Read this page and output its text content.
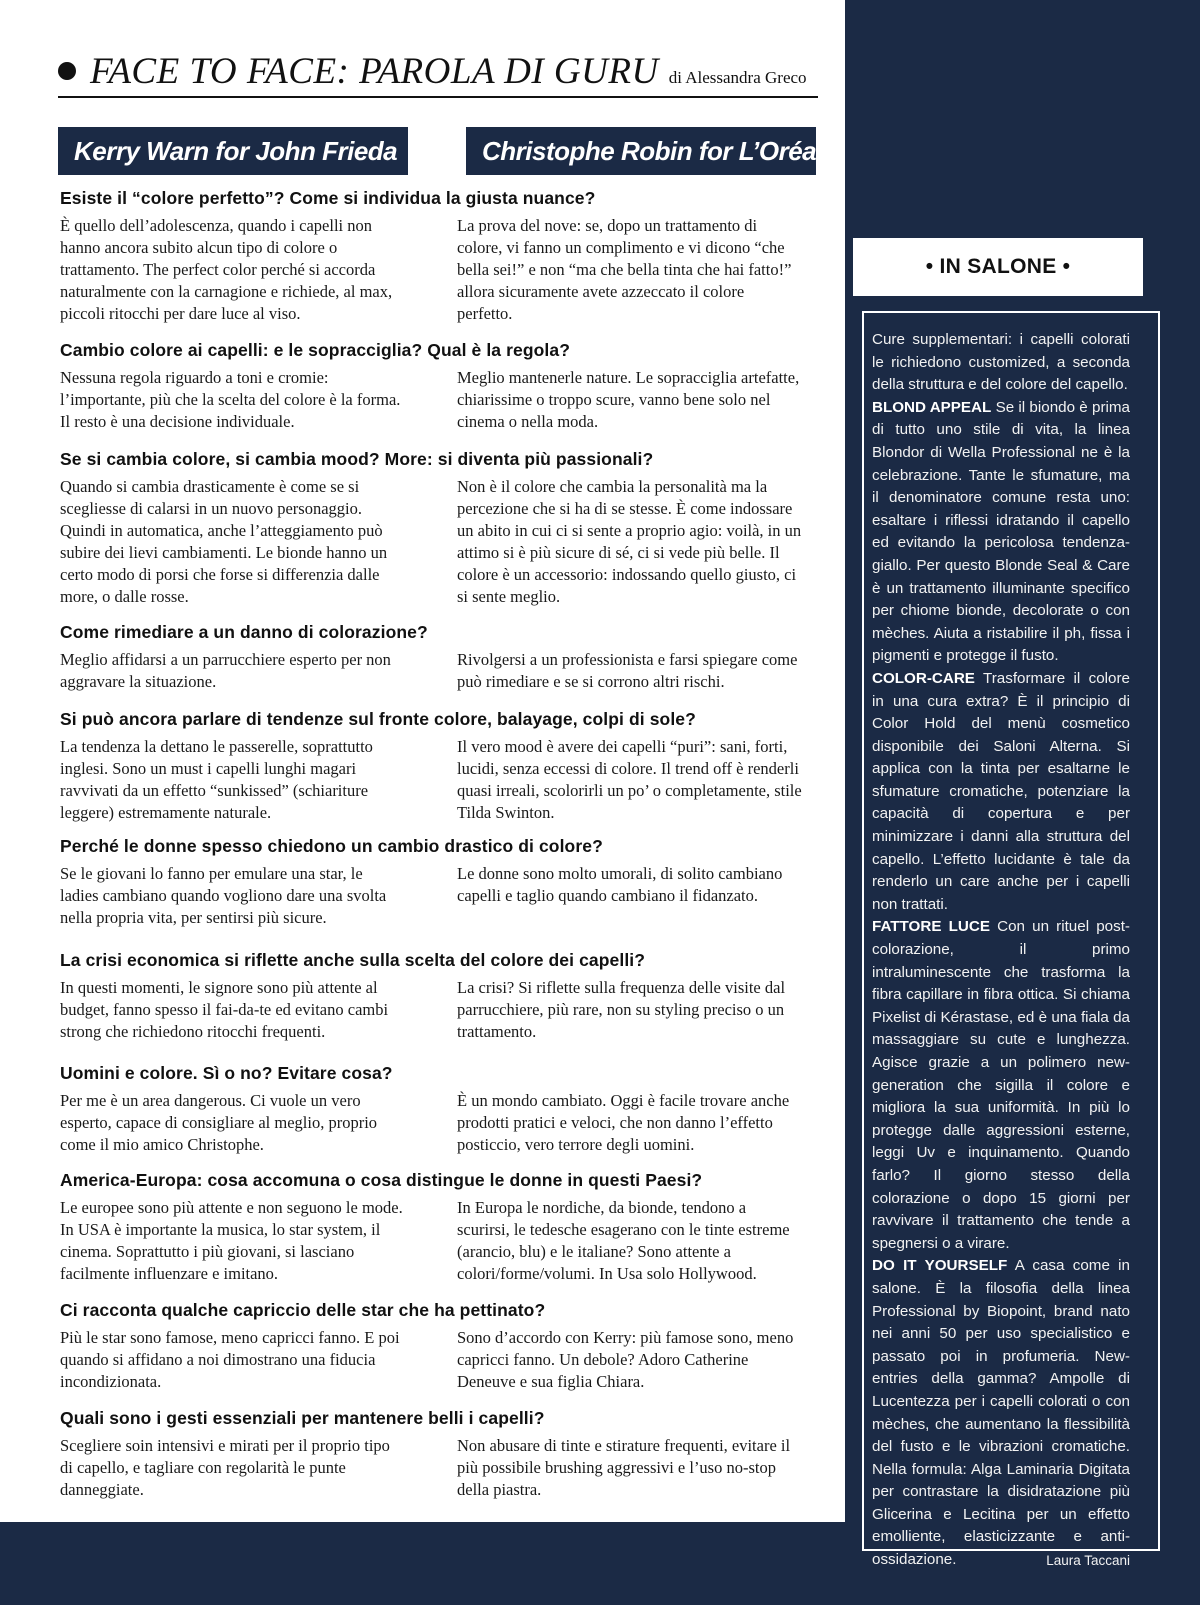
FACE TO FACE: PAROLA DI GURU di Alessandra Greco
Kerry Warn for John Frieda	Christophe Robin for L’Oréal
Esiste il “colore perfetto”? Come si individua la giusta nuance?
È quello dell’adolescenza, quando i capelli non hanno ancora subito alcun tipo di colore o trattamento. The perfect color perché si accorda naturalmente con la carnagione e richiede, al max, piccoli ritocchi per dare luce al viso.
La prova del nove: se, dopo un trattamento di colore, vi fanno un complimento e vi dicono “che bella sei!” e non “ma che bella tinta che hai fatto!” allora sicuramente avete azzeccato il colore perfetto.
Cambio colore ai capelli: e le sopracciglia? Qual è la regola?
Nessuna regola riguardo a toni e cromie: l’importante, più che la scelta del colore è la forma. Il resto è una decisione individuale.
Meglio mantenerle nature. Le sopracciglia artefatte, chiarissime o troppo scure, vanno bene solo nel cinema o nella moda.
Se si cambia colore, si cambia mood? More: si diventa più passionali?
Quando si cambia drasticamente è come se si scegliesse di calarsi in un nuovo personaggio. Quindi in automatica, anche l’atteggiamento può subire dei lievi cambiamenti. Le bionde hanno un certo modo di porsi che forse si differenzia dalle more, o dalle rosse.
Non è il colore che cambia la personalità ma la percezione che si ha di se stesse. È come indossare un abito in cui ci si sente a proprio agio: voilà, in un attimo si è più sicure di sé, ci si vede più belle. Il colore è un accessorio: indossando quello giusto, ci si sente meglio.
Come rimediare a un danno di colorazione?
Meglio affidarsi a un parrucchiere esperto per non aggravare la situazione.
Rivolgersi a un professionista e farsi spiegare come può rimediare e se si corrono altri rischi.
Si può ancora parlare di tendenze sul fronte colore, balayage, colpi di sole?
La tendenza la dettano le passerelle, soprattutto inglesi. Sono un must i capelli lunghi magari ravvivati da un effetto “sunkissed” (schiariture leggere) estremamente naturale.
Il vero mood è avere dei capelli “puri”: sani, forti, lucidi, senza eccessi di colore. Il trend off è renderli quasi irreali, scolorirli un po’ o completamente, stile Tilda Swinton.
Perché le donne spesso chiedono un cambio drastico di colore?
Se le giovani lo fanno per emulare una star, le ladies cambiano quando vogliono dare una svolta nella propria vita, per sentirsi più sicure.
Le donne sono molto umorali, di solito cambiano capelli e taglio quando cambiano il fidanzato.
La crisi economica si riflette anche sulla scelta del colore dei capelli?
In questi momenti, le signore sono più attente al budget, fanno spesso il fai-da-te ed evitano cambi strong che richiedono ritocchi frequenti.
La crisi? Si riflette sulla frequenza delle visite dal parrucchiere, più rare, non su styling preciso o un trattamento.
Uomini e colore. Sì o no? Evitare cosa?
Per me è un area dangerous. Ci vuole un vero esperto, capace di consigliare al meglio, proprio come il mio amico Christophe.
È un mondo cambiato. Oggi è facile trovare anche prodotti pratici e veloci, che non danno l’effetto posticcio, vero terrore degli uomini.
America-Europa: cosa accomuna o cosa distingue le donne in questi Paesi?
Le europee sono più attente e non seguono le mode. In USA è importante la musica, lo star system, il cinema. Soprattutto i più giovani, si lasciano facilmente influenzare e imitano.
In Europa le nordiche, da bionde, tendono a scurirsi, le tedesche esagerano con le tinte estreme (arancio, blu) e le italiane? Sono attente a colori/forme/volumi. In Usa solo Hollywood.
Ci racconta qualche capriccio delle star che ha pettinato?
Più le star sono famose, meno capricci fanno. E poi quando si affidano a noi dimostrano una fiducia incondizionata.
Sono d’accordo con Kerry: più famose sono, meno capricci fanno. Un debole? Adoro Catherine Deneuve e sua figlia Chiara.
Quali sono i gesti essenziali per mantenere belli i capelli?
Scegliere soin intensivi e mirati per il proprio tipo di capello, e tagliare con regolarità le punte danneggiate.
Non abusare di tinte e stirature frequenti, evitare il più possibile brushing aggressivi e l’uso no-stop della piastra.
• IN SALONE •
Cure supplementari: i capelli colorati le richiedono customized, a seconda della struttura e del colore del capello.
BLOND APPEAL Se il biondo è prima di tutto uno stile di vita, la linea Blondor di Wella Professional ne è la celebrazione. Tante le sfumature, ma il denominatore comune resta uno: esaltare i riflessi idratando il capello ed evitando la pericolosa tendenza-giallo. Per questo Blonde Seal & Care è un trattamento illuminante specifico per chiome bionde, decolorate o con mèches. Aiuta a ristabilire il ph, fissa i pigmenti e protegge il fusto.
COLOR-CARE Trasformare il colore in una cura extra? È il principio di Color Hold del menù cosmetico disponibile dei Saloni Alterna. Si applica con la tinta per esaltarne le sfumature cromatiche, potenziare la capacità di copertura e per minimizzare i danni alla struttura del capello. L’effetto lucidante è tale da renderlo un care anche per i capelli non trattati.
FATTORE LUCE Con un rituel post-colorazione, il primo intraluminescente che trasforma la fibra capillare in fibra ottica. Si chiama Pixelist di Kérastase, ed è una fiala da massaggiare su cute e lunghezza. Agisce grazie a un polimero new-generation che sigilla il colore e migliora la sua uniformità. In più lo protegge dalle aggressioni esterne, leggi Uv e inquinamento. Quando farlo? Il giorno stesso della colorazione o dopo 15 giorni per ravvivare il trattamento che tende a spegnersi o a virare.
DO IT YOURSELF A casa come in salone. È la filosofia della linea Professional by Biopoint, brand nato nei anni 50 per uso specialistico e passato poi in profumeria. New-entries della gamma? Ampolle di Lucentezza per i capelli colorati o con mèches, che aumentano la flessibilità del fusto e le vibrazioni cromatiche. Nella formula: Alga Laminaria Digitata per contrastare la disidratazione più Glicerina e Lecitina per un effetto emolliente, elasticizzante e anti-ossidazione.	Laura Taccani
